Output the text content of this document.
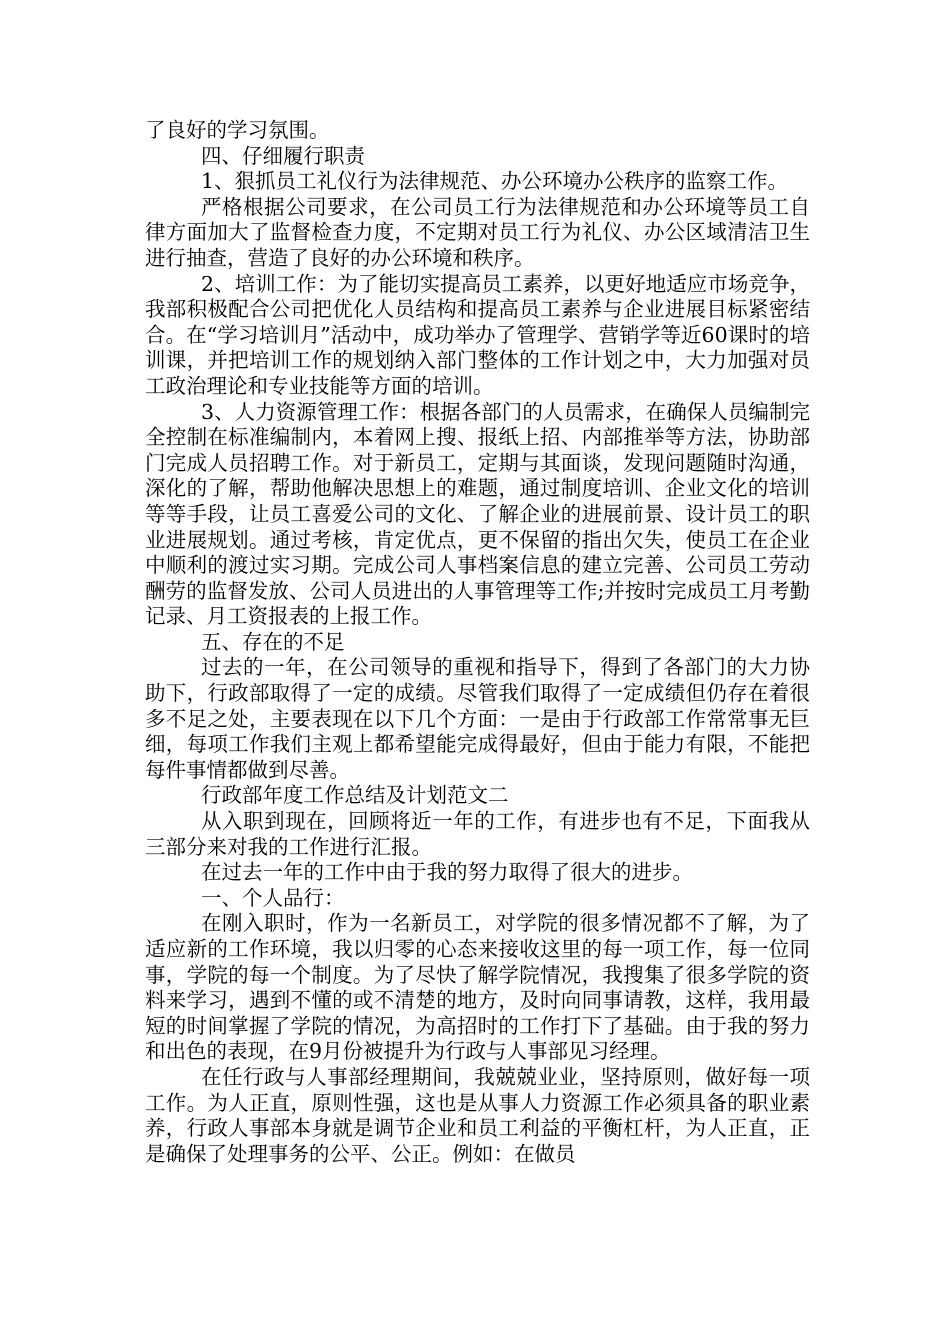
了良好的学习氛围。

四、仔细履行职责

1、狠抓员工礼仪行为法律规范、办公环境办公秩序的监察工作。

严格根据公司要求，在公司员工行为法律规范和办公环境等员工自律方面加大了监督检查力度，不定期对员工行为礼仪、办公区域清洁卫生进行抽查，营造了良好的办公环境和秩序。

2、培训工作：为了能切实提高员工素养，以更好地适应市场竞争，我部积极配合公司把优化人员结构和提高员工素养与企业进展目标紧密结合。在“学习培训月”活动中，成功举办了管理学、营销学等近60课时的培训课，并把培训工作的规划纳入部门整体的工作计划之中，大力加强对员工政治理论和专业技能等方面的培训。

3、人力资源管理工作：根据各部门的人员需求，在确保人员编制完全控制在标准编制内，本着网上搜、报纸上招、内部推举等方法，协助部门完成人员招聘工作。对于新员工，定期与其面谈，发现问题随时沟通，深化的了解，帮助他解决思想上的难题，通过制度培训、企业文化的培训等等手段，让员工喜爱公司的文化、了解企业的进展前景、设计员工的职业进展规划。通过考核，肯定优点，更不保留的指出欠失，使员工在企业中顺利的渡过实习期。完成公司人事档案信息的建立完善、公司员工劳动酬劳的监督发放、公司人员进出的人事管理等工作;并按时完成员工月考勤记录、月工资报表的上报工作。

五、存在的不足

过去的一年，在公司领导的重视和指导下，得到了各部门的大力协助下，行政部取得了一定的成绩。尽管我们取得了一定成绩但仍存在着很多不足之处，主要表现在以下几个方面：一是由于行政部工作常常事无巨细，每项工作我们主观上都希望能完成得最好，但由于能力有限，不能把每件事情都做到尽善。

行政部年度工作总结及计划范文二

从入职到现在，回顾将近一年的工作，有进步也有不足，下面我从三部分来对我的工作进行汇报。

在过去一年的工作中由于我的努力取得了很大的进步。

一、个人品行：

在刚入职时，作为一名新员工，对学院的很多情况都不了解，为了适应新的工作环境，我以归零的心态来接收这里的每一项工作，每一位同事，学院的每一个制度。为了尽快了解学院情况，我搜集了很多学院的资料来学习，遇到不懂的或不清楚的地方，及时向同事请教，这样，我用最短的时间掌握了学院的情况，为高招时的工作打下了基础。由于我的努力和出色的表现，在9月份被提升为行政与人事部见习经理。

在任行政与人事部经理期间，我兢兢业业，坚持原则，做好每一项工作。为人正直，原则性强，这也是从事人力资源工作必须具备的职业素养，行政人事部本身就是调节企业和员工利益的平衡杠杆，为人正直，正是确保了处理事务的公平、公正。例如：在做员
